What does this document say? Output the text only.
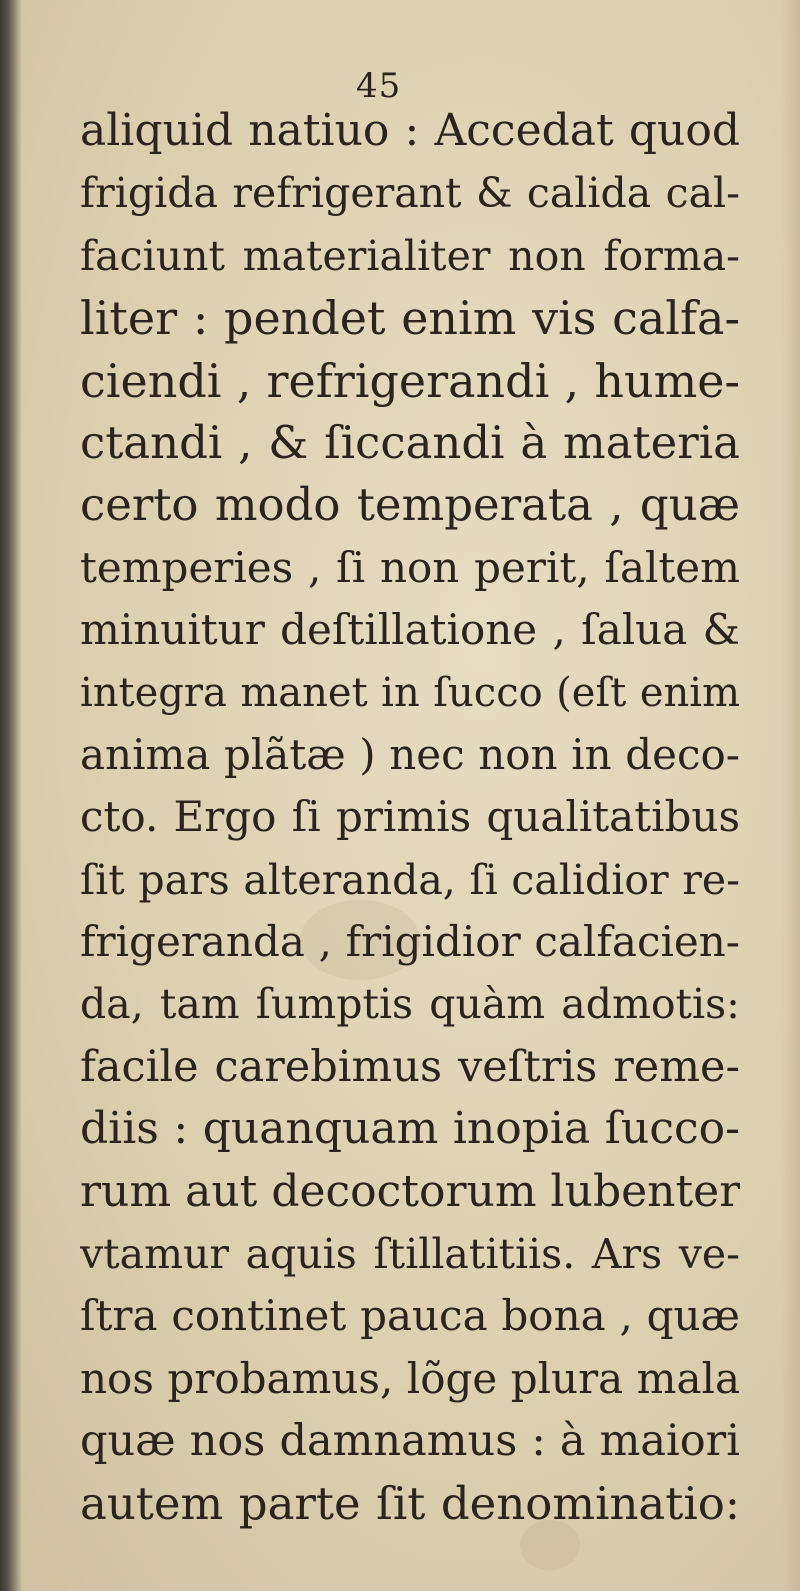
45
aliquid natiuo : Accedat quod
frigida refrigerant & calida cal-
faciunt materialiter non forma-
liter : pendet enim vis calfa-
ciendi , refrigerandi , hume-
ctandi , & ſiccandi à materia
certo modo temperata , quæ
temperies , ſi non perit, ſaltem
minuitur deſtillatione , ſalua &
integra manet in ſucco (eſt enim
anima plãtæ ) nec non in deco-
cto. Ergo ſi primis qualitatibus
ſit pars alteranda, ſi calidior re-
frigeranda , frigidior calfacien-
da, tam ſumptis quàm admotis:
facile carebimus veſtris reme-
diis : quanquam inopia ſucco-
rum aut decoctorum lubenter
vtamur aquis ſtillatitiis. Ars ve-
ſtra continet pauca bona , quæ
nos probamus, lõge plura mala
quæ nos damnamus : à maiori
autem parte ſit denominatio:
